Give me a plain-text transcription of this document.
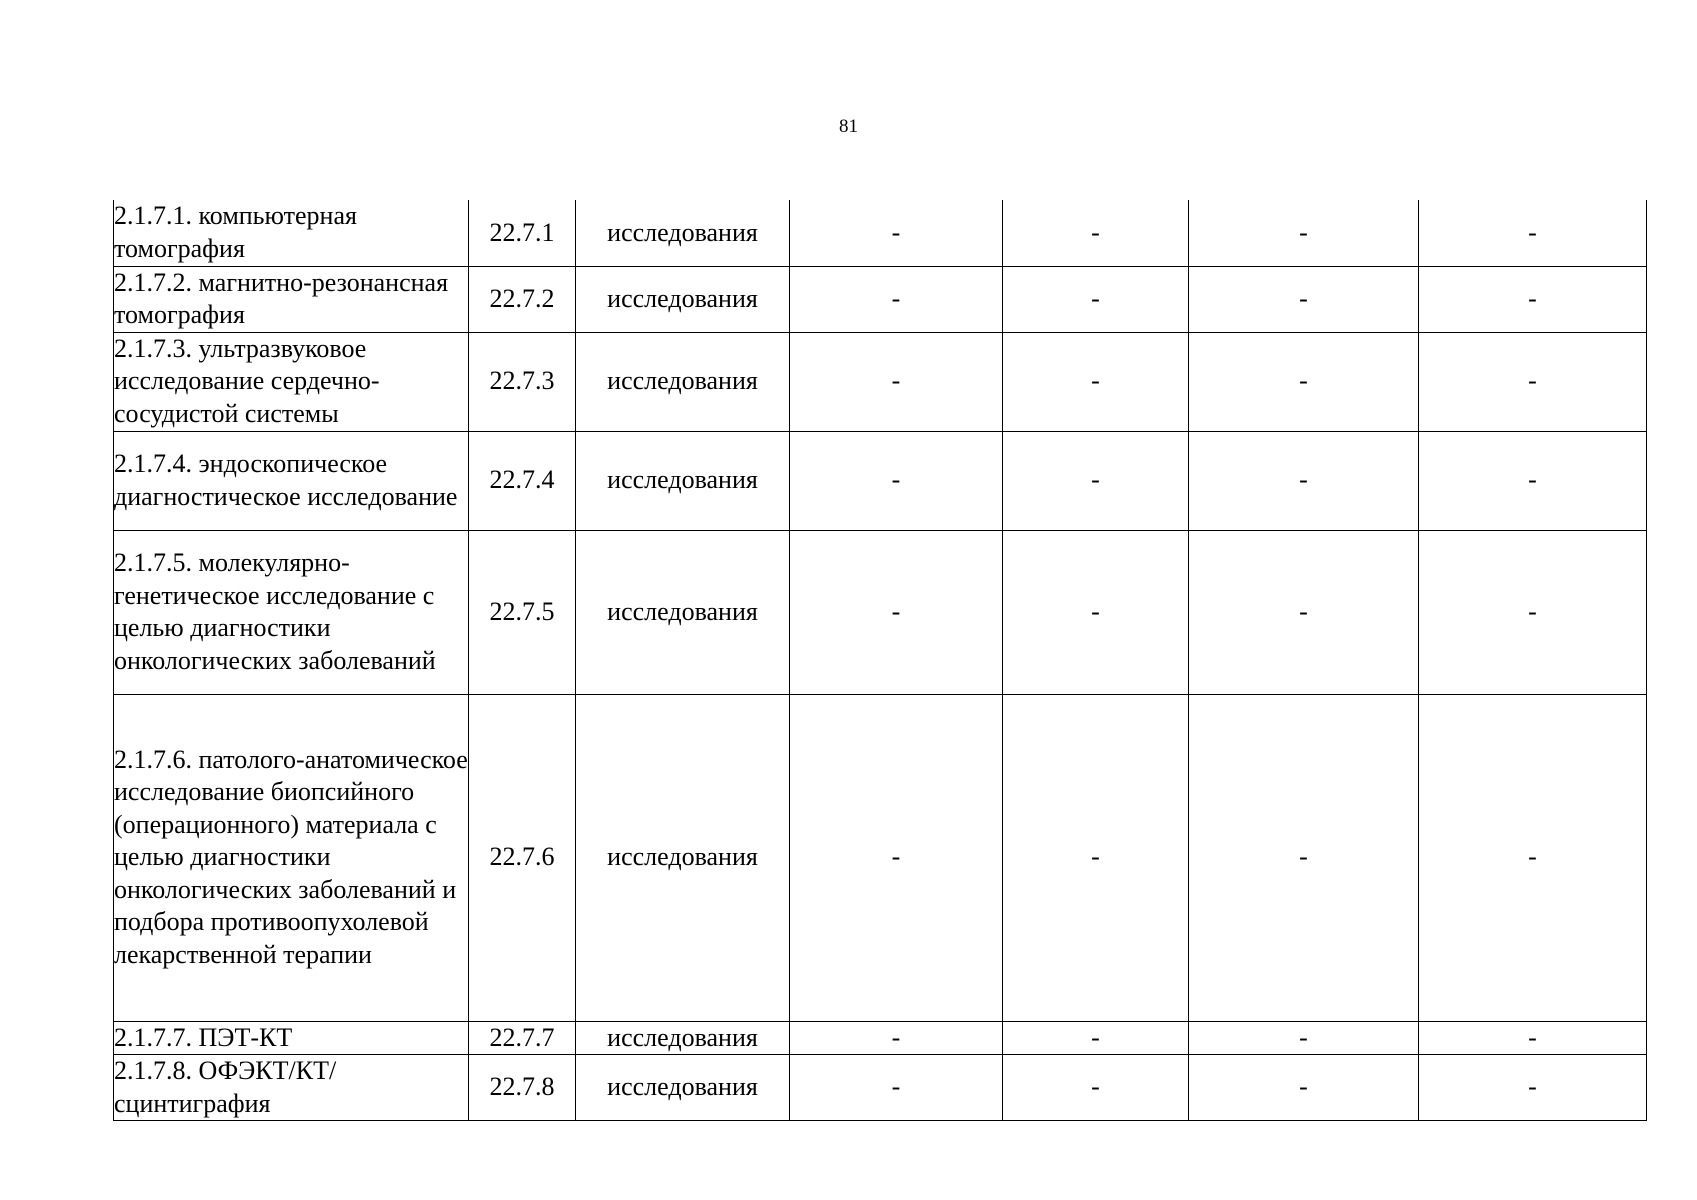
81
2.1.7.1. компьютерная томография	22.7.1	исследования	-	-	-	-
2.1.7.2. магнитно-резонансная томография	22.7.2	исследования	-	-	-	-
2.1.7.3. ультразвуковое исследование сердечно-сосудистой системы	22.7.3	исследования	-	-	-	-
2.1.7.4. эндоскопическое диагностическое исследование	22.7.4	исследования	-	-	-	-
2.1.7.5. молекулярно-генетическое исследование с целью диагностики онкологических заболеваний	22.7.5	исследования	-	-	-	-
2.1.7.6. патолого-анатомическое исследование биопсийного (операционного) материала с целью диагностики онкологических заболеваний и подбора противоопухолевой лекарственной терапии	22.7.6	исследования	-	-	-	-
2.1.7.7. ПЭТ-КТ	22.7.7	исследования	-	-	-	-
2.1.7.8. ОФЭКТ/КТ/сцинтиграфия	22.7.8	исследования	-	-	-	-
